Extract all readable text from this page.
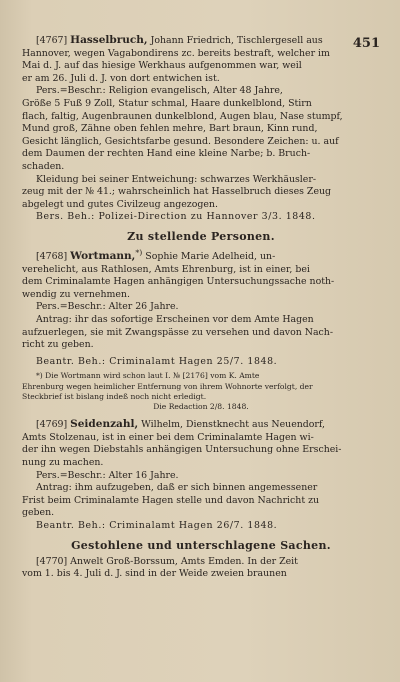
451

[4767] Hasselbruch, Johann Friedrich, Tischlergesell aus

Hannover, wegen Vagabondirens zc. bereits bestraft, welcher im

Mai d. J. auf das hiesige Werkhaus aufgenommen war, weil

er am 26. Juli d. J. von dort entwichen ist.

Pers.=Beschr.: Religion evangelisch, Alter 48 Jahre,

Größe 5 Fuß 9 Zoll, Statur schmal, Haare dunkelblond, Stirn

flach, faltig, Augenbraunen dunkelblond, Augen blau, Nase stumpf,

Mund groß, Zähne oben fehlen mehre, Bart braun, Kinn rund,

Gesicht länglich, Gesichtsfarbe gesund. Besondere Zeichen: u. auf

dem Daumen der rechten Hand eine kleine Narbe; b. Bruch-

schaden.

Kleidung bei seiner Entweichung: schwarzes Werkhäusler-

zeug mit der № 41.; wahrscheinlich hat Hasselbruch dieses Zeug

abgelegt und gutes Civilzeug angezogen.

Bers. Beh.: Polizei-Direction zu Hannover 3/3. 1848.

Zu stellende Personen.

[4768] Wortmann,*) Sophie Marie Adelheid, un-

verehelicht, aus Rathlosen, Amts Ehrenburg, ist in einer, bei

dem Criminalamte Hagen anhängigen Untersuchungssache noth-

wendig zu vernehmen.

Pers.=Beschr.: Alter 26 Jahre.

Antrag: ihr das sofortige Erscheinen vor dem Amte Hagen

aufzuerlegen, sie mit Zwangspässe zu versehen und davon Nach-

richt zu geben.

Beantr. Beh.: Criminalamt Hagen 25/7. 1848.

*) Die Wortmann wird schon laut I. № [2176] vom K. Amte

Ehrenburg wegen heimlicher Entfernung von ihrem Wohnorte verfolgt, der

Steckbrief ist bislang indeß noch nicht erledigt.

Die Redaction 2/8. 1848.

[4769] Seidenzahl, Wilhelm, Dienstknecht aus Neuendorf,

Amts Stolzenau, ist in einer bei dem Criminalamte Hagen wi-

der ihn wegen Diebstahls anhängigen Untersuchung ohne Erschei-

nung zu machen.

Pers.=Beschr.: Alter 16 Jahre.

Antrag: ihm aufzugeben, daß er sich binnen angemessener

Frist beim Criminalamte Hagen stelle und davon Nachricht zu

geben.

Beantr. Beh.: Criminalamt Hagen 26/7. 1848.

Gestohlene und unterschlagene Sachen.

[4770] Anwelt Groß-Borssum, Amts Emden. In der Zeit

vom 1. bis 4. Juli d. J. sind in der Weide zweien braunen
